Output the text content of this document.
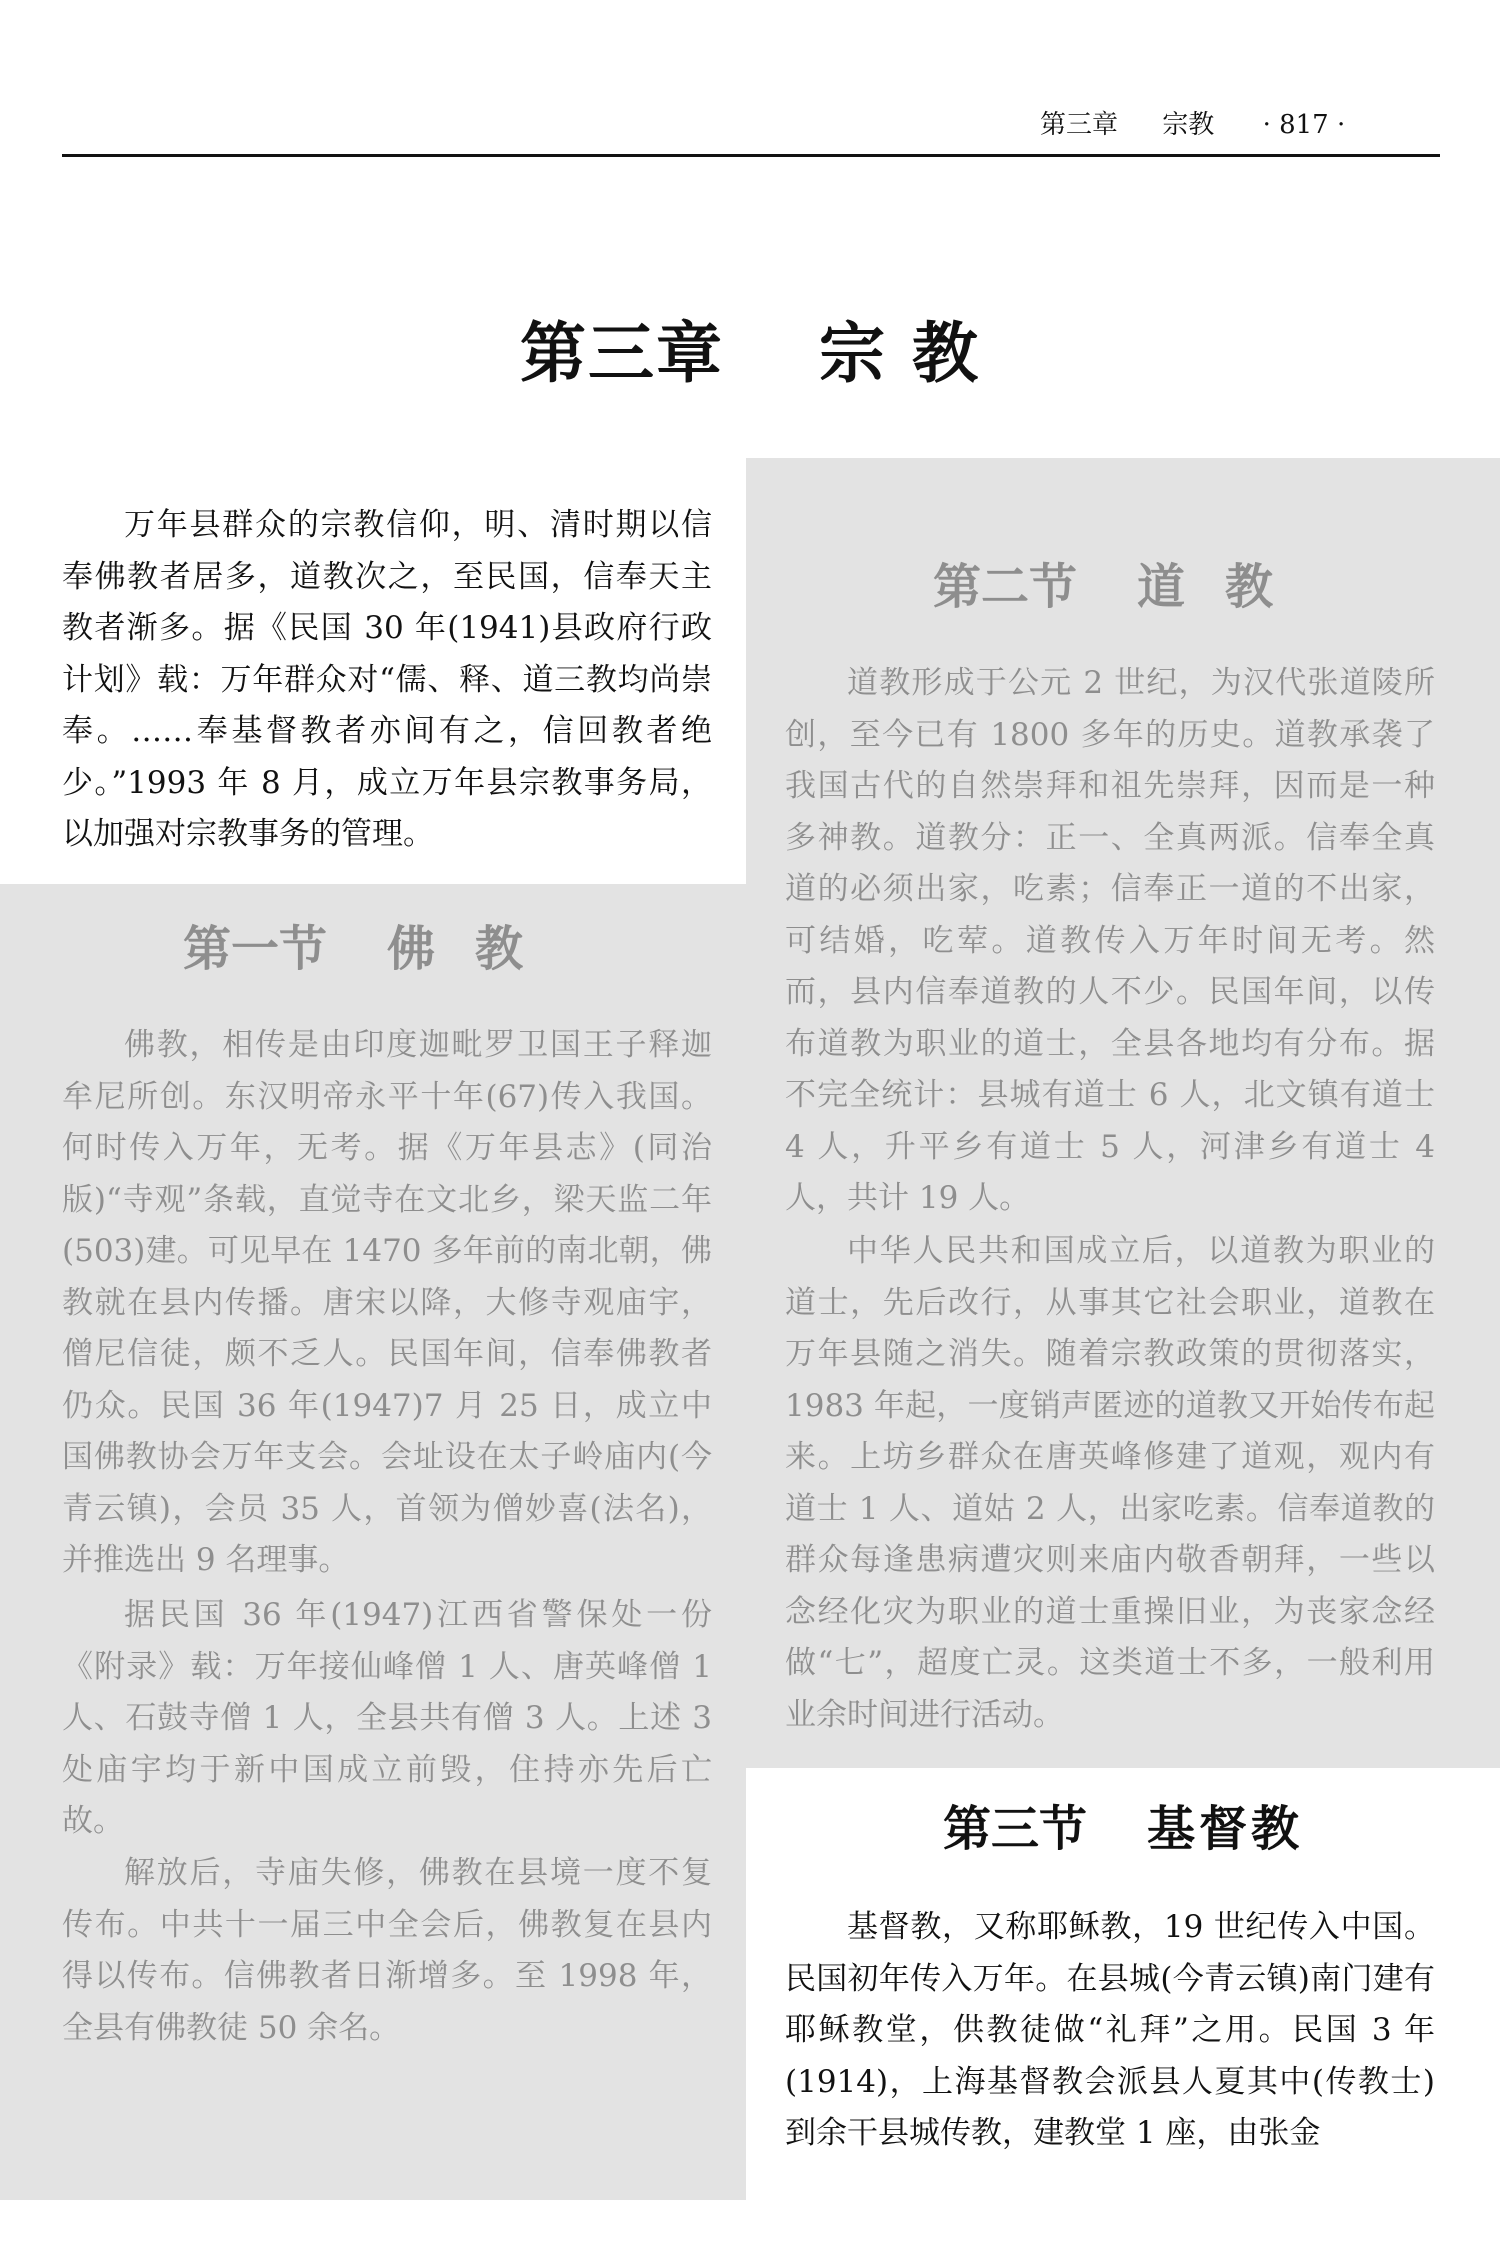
第三章 宗教 · 817 ·
第三章 宗 教

万年县群众的宗教信仰，明、清时期以信奉佛教者居多，道教次之，至民国，信奉天主教者渐多。据《民国 30 年(1941)县政府行政计划》载：万年群众对“儒、释、道三教均尚崇奉。……奉基督教者亦间有之，信回教者绝少。”1993 年 8 月，成立万年县宗教事务局，以加强对宗教事务的管理。

第一节 佛教

佛教，相传是由印度迦毗罗卫国王子释迦牟尼所创。东汉明帝永平十年(67)传入我国。何时传入万年，无考。据《万年县志》(同治版)“寺观”条载，直觉寺在文北乡，梁天监二年(503)建。可见早在 1470 多年前的南北朝，佛教就在县内传播。唐宋以降，大修寺观庙宇，僧尼信徒，颇不乏人。民国年间，信奉佛教者仍众。民国 36 年(1947)7 月 25 日，成立中国佛教协会万年支会。会址设在太子岭庙内(今青云镇)，会员 35 人，首领为僧妙喜(法名)，并推选出 9 名理事。

据民国 36 年(1947)江西省警保处一份《附录》载：万年接仙峰僧 1 人、唐英峰僧 1 人、石鼓寺僧 1 人，全县共有僧 3 人。上述 3 处庙宇均于新中国成立前毁，住持亦先后亡故。

解放后，寺庙失修，佛教在县境一度不复传布。中共十一届三中全会后，佛教复在县内得以传布。信佛教者日渐增多。至 1998 年，全县有佛教徒 50 余名。

第二节 道教

道教形成于公元 2 世纪，为汉代张道陵所创，至今已有 1800 多年的历史。道教承袭了我国古代的自然崇拜和祖先崇拜，因而是一种多神教。道教分：正一、全真两派。信奉全真道的必须出家，吃素；信奉正一道的不出家，可结婚，吃荤。道教传入万年时间无考。然而，县内信奉道教的人不少。民国年间，以传布道教为职业的道士，全县各地均有分布。据不完全统计：县城有道士 6 人，北文镇有道士 4 人，升平乡有道士 5 人，河津乡有道士 4 人，共计 19 人。

中华人民共和国成立后，以道教为职业的道士，先后改行，从事其它社会职业，道教在万年县随之消失。随着宗教政策的贯彻落实，1983 年起，一度销声匿迹的道教又开始传布起来。上坊乡群众在唐英峰修建了道观，观内有道士 1 人、道姑 2 人，出家吃素。信奉道教的群众每逢患病遭灾则来庙内敬香朝拜，一些以念经化灾为职业的道士重操旧业，为丧家念经做“七”，超度亡灵。这类道士不多，一般利用业余时间进行活动。

第三节 基督教

基督教，又称耶稣教，19 世纪传入中国。民国初年传入万年。在县城(今青云镇)南门建有耶稣教堂，供教徒做“礼拜”之用。民国 3 年(1914)，上海基督教会派县人夏其中(传教士)到余干县城传教，建教堂 1 座，由张金
